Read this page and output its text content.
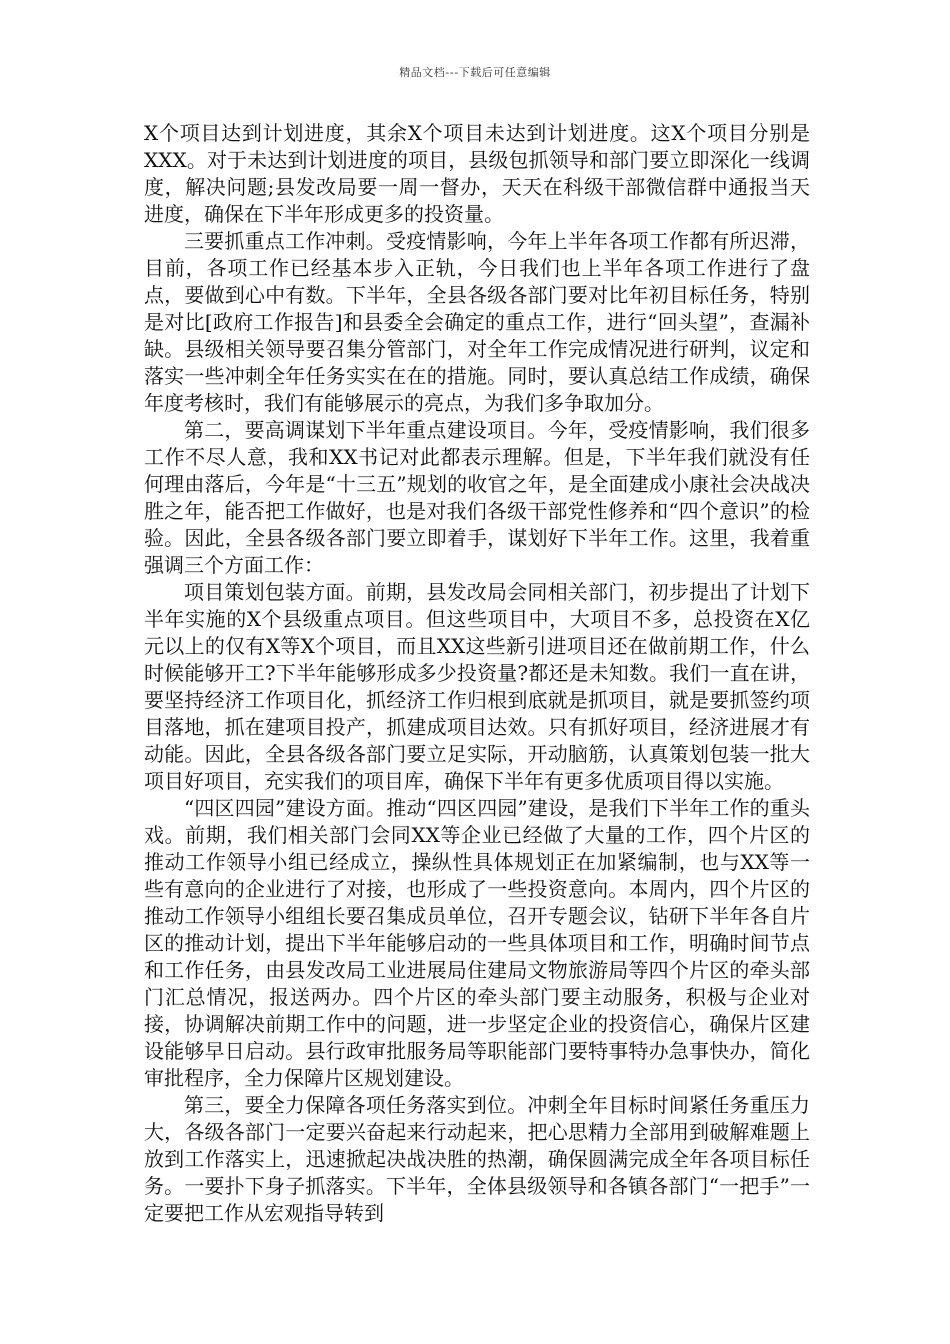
精品文档---下载后可任意编辑

X个项目达到计划进度，其余X个项目未达到计划进度。这X个项目分别是XXX。对于未达到计划进度的项目，县级包抓领导和部门要立即深化一线调度，解决问题;县发改局要一周一督办，天天在科级干部微信群中通报当天进度，确保在下半年形成更多的投资量。

三要抓重点工作冲刺。受疫情影响，今年上半年各项工作都有所迟滞，目前，各项工作已经基本步入正轨，今日我们也上半年各项工作进行了盘点，要做到心中有数。下半年，全县各级各部门要对比年初目标任务，特别是对比[政府工作报告]和县委全会确定的重点工作，进行“回头望”，查漏补缺。县级相关领导要召集分管部门，对全年工作完成情况进行研判，议定和落实一些冲刺全年任务实实在在的措施。同时，要认真总结工作成绩，确保年度考核时，我们有能够展示的亮点，为我们多争取加分。

第二，要高调谋划下半年重点建设项目。今年，受疫情影响，我们很多工作不尽人意，我和XX书记对此都表示理解。但是，下半年我们就没有任何理由落后，今年是“十三五”规划的收官之年，是全面建成小康社会决战决胜之年，能否把工作做好，也是对我们各级干部党性修养和“四个意识”的检验。因此，全县各级各部门要立即着手，谋划好下半年工作。这里，我着重强调三个方面工作：

项目策划包装方面。前期，县发改局会同相关部门，初步提出了计划下半年实施的X个县级重点项目。但这些项目中，大项目不多，总投资在X亿元以上的仅有X等X个项目，而且XX这些新引进项目还在做前期工作，什么时候能够开工?下半年能够形成多少投资量?都还是未知数。我们一直在讲，要坚持经济工作项目化，抓经济工作归根到底就是抓项目，就是要抓签约项目落地，抓在建项目投产，抓建成项目达效。只有抓好项目，经济进展才有动能。因此，全县各级各部门要立足实际，开动脑筋，认真策划包装一批大项目好项目，充实我们的项目库，确保下半年有更多优质项目得以实施。

“四区四园”建设方面。推动“四区四园”建设，是我们下半年工作的重头戏。前期，我们相关部门会同XX等企业已经做了大量的工作，四个片区的推动工作领导小组已经成立，操纵性具体规划正在加紧编制，也与XX等一些有意向的企业进行了对接，也形成了一些投资意向。本周内，四个片区的推动工作领导小组组长要召集成员单位，召开专题会议，钻研下半年各自片区的推动计划，提出下半年能够启动的一些具体项目和工作，明确时间节点和工作任务，由县发改局工业进展局住建局文物旅游局等四个片区的牵头部门汇总情况，报送两办。四个片区的牵头部门要主动服务，积极与企业对接，协调解决前期工作中的问题，进一步坚定企业的投资信心，确保片区建设能够早日启动。县行政审批服务局等职能部门要特事特办急事快办，简化审批程序，全力保障片区规划建设。

第三，要全力保障各项任务落实到位。冲刺全年目标时间紧任务重压力大，各级各部门一定要兴奋起来行动起来，把心思精力全部用到破解难题上放到工作落实上，迅速掀起决战决胜的热潮，确保圆满完成全年各项目标任务。一要扑下身子抓落实。下半年，全体县级领导和各镇各部门“一把手”一定要把工作从宏观指导转到
